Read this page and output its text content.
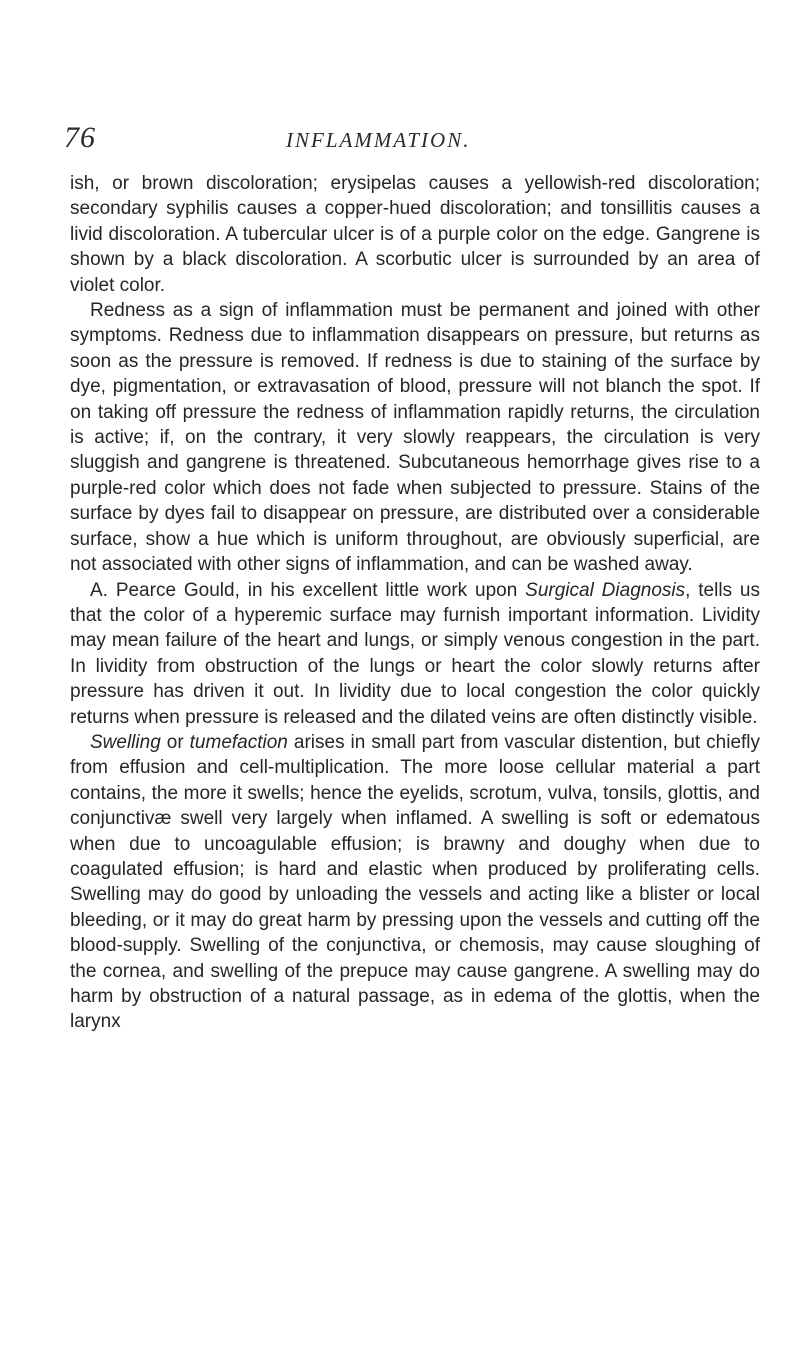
76	INFLAMMATION.

ish, or brown discoloration; erysipelas causes a yellowish-red discoloration; secondary syphilis causes a copper-hued discoloration; and tonsillitis causes a livid discoloration. A tubercular ulcer is of a purple color on the edge. Gangrene is shown by a black discoloration. A scorbutic ulcer is surrounded by an area of violet color.

Redness as a sign of inflammation must be permanent and joined with other symptoms. Redness due to inflammation disappears on pressure, but returns as soon as the pressure is removed. If redness is due to staining of the surface by dye, pigmentation, or extravasation of blood, pressure will not blanch the spot. If on taking off pressure the redness of inflammation rapidly returns, the circulation is active; if, on the contrary, it very slowly reappears, the circulation is very sluggish and gangrene is threatened. Subcutaneous hemorrhage gives rise to a purple-red color which does not fade when subjected to pressure. Stains of the surface by dyes fail to disappear on pressure, are distributed over a considerable surface, show a hue which is uniform throughout, are obviously superficial, are not associated with other signs of inflammation, and can be washed away.

A. Pearce Gould, in his excellent little work upon Surgical Diagnosis, tells us that the color of a hyperemic surface may furnish important information. Lividity may mean failure of the heart and lungs, or simply venous congestion in the part. In lividity from obstruction of the lungs or heart the color slowly returns after pressure has driven it out. In lividity due to local congestion the color quickly returns when pressure is released and the dilated veins are often distinctly visible.

Swelling or tumefaction arises in small part from vascular distention, but chiefly from effusion and cell-multiplication. The more loose cellular material a part contains, the more it swells; hence the eyelids, scrotum, vulva, tonsils, glottis, and conjunctivæ swell very largely when inflamed. A swelling is soft or edematous when due to uncoagulable effusion; is brawny and doughy when due to coagulated effusion; is hard and elastic when produced by proliferating cells. Swelling may do good by unloading the vessels and acting like a blister or local bleeding, or it may do great harm by pressing upon the vessels and cutting off the blood-supply. Swelling of the conjunctiva, or chemosis, may cause sloughing of the cornea, and swelling of the prepuce may cause gangrene. A swelling may do harm by obstruction of a natural passage, as in edema of the glottis, when the larynx
